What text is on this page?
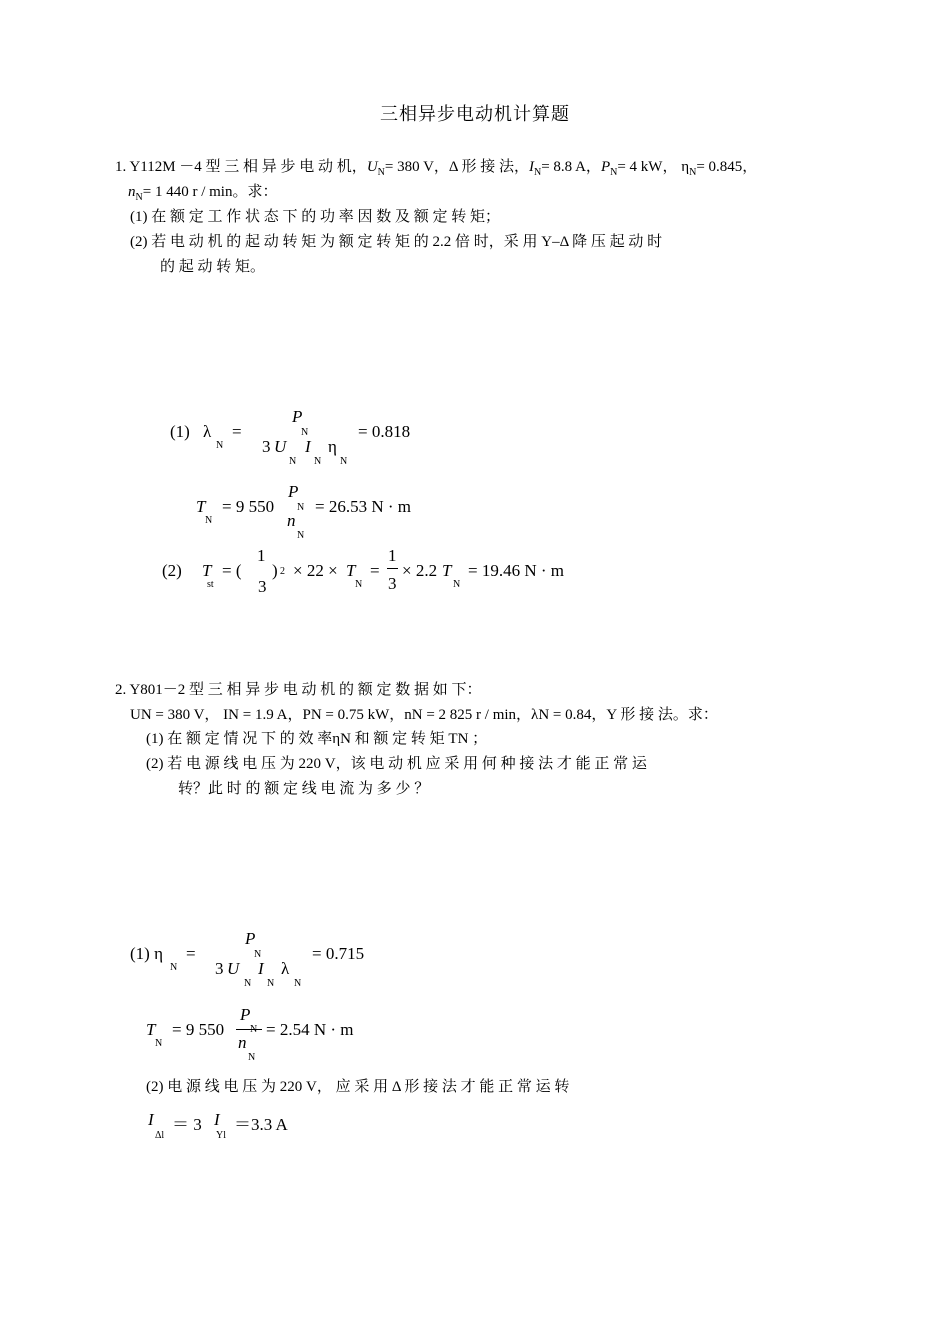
三相异步电动机计算题
1. Y112M －4 型 三 相 异 步 电 动 机，$U_N= 380$ V，Δ 形 接 法，$I_N= 8.8$ A，$P_N= 4$ kW， $\eta_N= 0.845$，
$n_N= 1$ 440 r / min。求：
(1) 在 额 定 工 作 状 态 下 的 功 率 因 数 及 额 定 转 矩；
(2) 若 电 动 机 的 起 动 转 矩 为 额 定 转 矩 的 2.2 倍 时，采 用 Y–Δ 降 压 起 动 时
的 起 动 转 矩。
(1) λ
N
=
P
N
3 U
N
I
N
η
N
= 0.818
T
N
= 9 550
P
N
n
N
= 26.53 N · m
(2) T
st
= (
1
3
) 2 × 22 × T
N
=
1
3
× 2.2 T
N
= 19.46 N · m
2. Y801－2 型 三 相 异 步 电 动 机 的 额 定 数 据 如 下：
UN = 380 V， IN = 1.9 A，PN = 0.75 kW，nN = 2 825 r / min，λN = 0.84，Y 形 接 法。求：
(1) 在 额 定 情 况 下 的 效 率ηN 和 额 定 转 矩 TN ；
(2) 若 电 源 线 电 压 为 220 V，该 电 动 机 应 采 用 何 种 接 法 才 能 正 常 运
转？此 时 的 额 定 线 电 流 为 多 少 ？
(1) η
N
=
P
N
3 U
N
I
N
λ
N
= 0.715
T
N
= 9 550
P
n
N
= 2.54 N · m
(2) 电 源 线 电 压 为 220 V， 应 采 用 Δ 形 接 法 才 能 正 常 运 转
I
Δl
＝ 3 I
Yl
＝3.3 A
